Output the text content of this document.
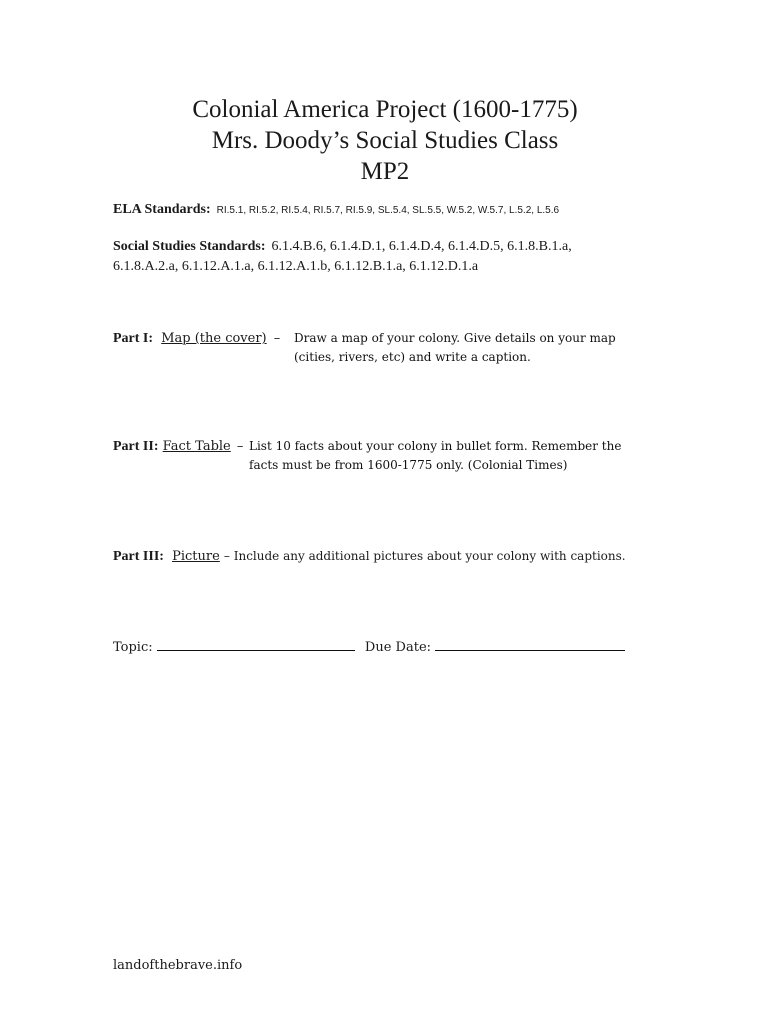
Colonial America Project (1600-1775)
Mrs. Doody’s Social Studies Class
MP2
ELA Standards: RI.5.1, RI.5.2, RI.5.4, RI.5.7, RI.5.9, SL.5.4, SL.5.5, W.5.2, W.5.7, L.5.2, L.5.6
Social Studies Standards: 6.1.4.B.6, 6.1.4.D.1, 6.1.4.D.4, 6.1.4.D.5, 6.1.8.B.1.a,
6.1.8.A.2.a, 6.1.12.A.1.a, 6.1.12.A.1.b, 6.1.12.B.1.a, 6.1.12.D.1.a
Part I: Map (the cover) – Draw a map of your colony. Give details on your map
(cities, rivers, etc) and write a caption.
Part II: Fact Table – List 10 facts about your colony in bullet form. Remember the
facts must be from 1600-1775 only. (Colonial Times)
Part III: Picture – Include any additional pictures about your colony with captions.
Topic:	Due Date:
landofthebrave.info
